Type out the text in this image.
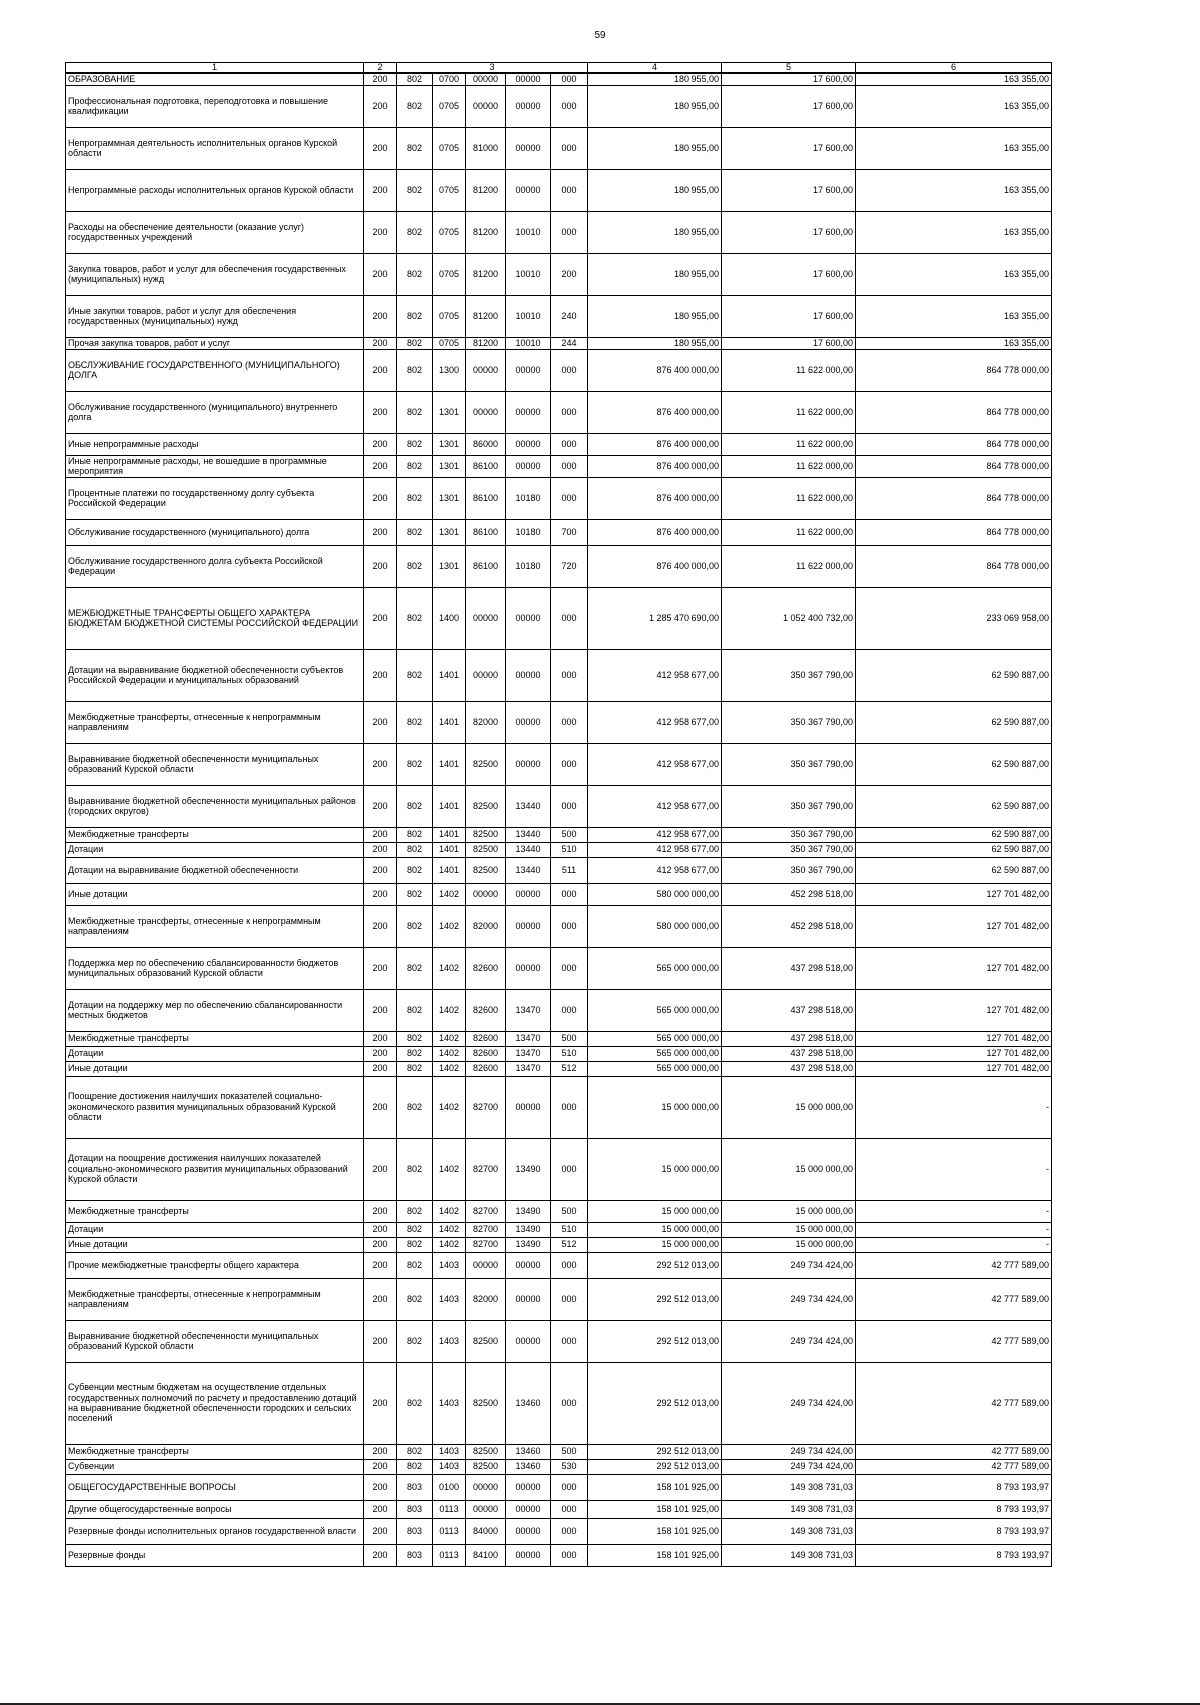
59
1	2	3					4	5	6
ОБРАЗОВАНИЕ	200	802	0700	00000	00000	000	180 955,00	17 600,00	163 355,00
Профессиональная подготовка, переподготовка и повышение квалификации	200	802	0705	00000	00000	000	180 955,00	17 600,00	163 355,00
Непрограммная деятельность исполнительных органов Курской области	200	802	0705	81000	00000	000	180 955,00	17 600,00	163 355,00
Непрограммные расходы исполнительных органов Курской области	200	802	0705	81200	00000	000	180 955,00	17 600,00	163 355,00
Расходы на обеспечение деятельности (оказание услуг) государственных учреждений	200	802	0705	81200	10010	000	180 955,00	17 600,00	163 355,00
Закупка товаров, работ и услуг для обеспечения государственных (муниципальных) нужд	200	802	0705	81200	10010	200	180 955,00	17 600,00	163 355,00
Иные закупки товаров, работ и услуг для обеспечения государственных (муниципальных) нужд	200	802	0705	81200	10010	240	180 955,00	17 600,00	163 355,00
Прочая закупка товаров, работ и услуг	200	802	0705	81200	10010	244	180 955,00	17 600,00	163 355,00
ОБСЛУЖИВАНИЕ ГОСУДАРСТВЕННОГО (МУНИЦИПАЛЬНОГО) ДОЛГА	200	802	1300	00000	00000	000	876 400 000,00	11 622 000,00	864 778 000,00
Обслуживание государственного (муниципального) внутреннего долга	200	802	1301	00000	00000	000	876 400 000,00	11 622 000,00	864 778 000,00
Иные непрограммные расходы	200	802	1301	86000	00000	000	876 400 000,00	11 622 000,00	864 778 000,00
Иные непрограммные расходы, не вошедшие в программные мероприятия	200	802	1301	86100	00000	000	876 400 000,00	11 622 000,00	864 778 000,00
Процентные платежи по государственному долгу субъекта Российской Федерации	200	802	1301	86100	10180	000	876 400 000,00	11 622 000,00	864 778 000,00
Обслуживание государственного (муниципального) долга	200	802	1301	86100	10180	700	876 400 000,00	11 622 000,00	864 778 000,00
Обслуживание государственного долга субъекта Российской Федерации	200	802	1301	86100	10180	720	876 400 000,00	11 622 000,00	864 778 000,00
МЕЖБЮДЖЕТНЫЕ ТРАНСФЕРТЫ ОБЩЕГО ХАРАКТЕРА БЮДЖЕТАМ БЮДЖЕТНОЙ СИСТЕМЫ РОССИЙСКОЙ ФЕДЕРАЦИИ	200	802	1400	00000	00000	000	1 285 470 690,00	1 052 400 732,00	233 069 958,00
Дотации на выравнивание бюджетной обеспеченности субъектов Российской Федерации и муниципальных образований	200	802	1401	00000	00000	000	412 958 677,00	350 367 790,00	62 590 887,00
Межбюджетные трансферты, отнесенные к непрограммным направлениям	200	802	1401	82000	00000	000	412 958 677,00	350 367 790,00	62 590 887,00
Выравнивание бюджетной обеспеченности муниципальных образований Курской области	200	802	1401	82500	00000	000	412 958 677,00	350 367 790,00	62 590 887,00
Выравнивание бюджетной обеспеченности муниципальных районов (городских округов)	200	802	1401	82500	13440	000	412 958 677,00	350 367 790,00	62 590 887,00
Межбюджетные трансферты	200	802	1401	82500	13440	500	412 958 677,00	350 367 790,00	62 590 887,00
Дотации	200	802	1401	82500	13440	510	412 958 677,00	350 367 790,00	62 590 887,00
Дотации на выравнивание бюджетной обеспеченности	200	802	1401	82500	13440	511	412 958 677,00	350 367 790,00	62 590 887,00
Иные дотации	200	802	1402	00000	00000	000	580 000 000,00	452 298 518,00	127 701 482,00
Межбюджетные трансферты, отнесенные к непрограммным направлениям	200	802	1402	82000	00000	000	580 000 000,00	452 298 518,00	127 701 482,00
Поддержка мер по обеспечению сбалансированности бюджетов муниципальных образований Курской области	200	802	1402	82600	00000	000	565 000 000,00	437 298 518,00	127 701 482,00
Дотации на поддержку мер по обеспечению сбалансированности местных бюджетов	200	802	1402	82600	13470	000	565 000 000,00	437 298 518,00	127 701 482,00
Межбюджетные трансферты	200	802	1402	82600	13470	500	565 000 000,00	437 298 518,00	127 701 482,00
Дотации	200	802	1402	82600	13470	510	565 000 000,00	437 298 518,00	127 701 482,00
Иные дотации	200	802	1402	82600	13470	512	565 000 000,00	437 298 518,00	127 701 482,00
Поощрение достижения наилучших показателей социально-экономического развития муниципальных образований Курской области	200	802	1402	82700	00000	000	15 000 000,00	15 000 000,00	-
Дотации на поощрение достижения наилучших показателей социально-экономического развития муниципальных образований Курской области	200	802	1402	82700	13490	000	15 000 000,00	15 000 000,00	-
Межбюджетные трансферты	200	802	1402	82700	13490	500	15 000 000,00	15 000 000,00	-
Дотации	200	802	1402	82700	13490	510	15 000 000,00	15 000 000,00	-
Иные дотации	200	802	1402	82700	13490	512	15 000 000,00	15 000 000,00	-
Прочие межбюджетные трансферты общего характера	200	802	1403	00000	00000	000	292 512 013,00	249 734 424,00	42 777 589,00
Межбюджетные трансферты, отнесенные к непрограммным направлениям	200	802	1403	82000	00000	000	292 512 013,00	249 734 424,00	42 777 589,00
Выравнивание бюджетной обеспеченности муниципальных образований Курской области	200	802	1403	82500	00000	000	292 512 013,00	249 734 424,00	42 777 589,00
Субвенции местным бюджетам на осуществление отдельных государственных полномочий по расчету и предоставлению дотаций на выравнивание бюджетной обеспеченности городских и сельских поселений	200	802	1403	82500	13460	000	292 512 013,00	249 734 424,00	42 777 589,00
Межбюджетные трансферты	200	802	1403	82500	13460	500	292 512 013,00	249 734 424,00	42 777 589,00
Субвенции	200	802	1403	82500	13460	530	292 512 013,00	249 734 424,00	42 777 589,00
ОБЩЕГОСУДАРСТВЕННЫЕ ВОПРОСЫ	200	803	0100	00000	00000	000	158 101 925,00	149 308 731,03	8 793 193,97
Другие общегосударственные вопросы	200	803	0113	00000	00000	000	158 101 925,00	149 308 731,03	8 793 193,97
Резервные фонды исполнительных органов государственной власти	200	803	0113	84000	00000	000	158 101 925,00	149 308 731,03	8 793 193,97
Резервные фонды	200	803	0113	84100	00000	000	158 101 925,00	149 308 731,03	8 793 193,97
